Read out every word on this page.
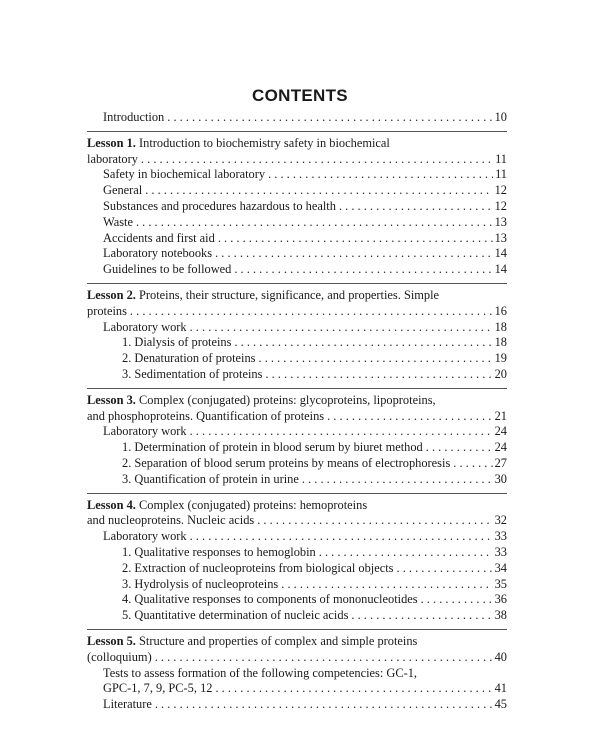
CONTENTS
Introduction . . .	10
Lesson 1. Introduction to biochemistry safety in biochemical
laboratory . . .	11
Safety in biochemical laboratory . . .	11
General . . .	12
Substances and procedures hazardous to health . . .	12
Waste . . .	13
Accidents and first aid . . .	13
Laboratory notebooks . . .	14
Guidelines to be followed . . .	14
Lesson 2. Proteins, their structure, significance, and properties. Simple
proteins . . .	16
Laboratory work . . .	18
1. Dialysis of proteins . . .	18
2. Denaturation of proteins . . .	19
3. Sedimentation of proteins . . .	20
Lesson 3. Complex (conjugated) proteins: glycoproteins, lipoproteins,
and phosphoproteins. Quantification of proteins . . .	21
Laboratory work . . .	24
1. Determination of protein in blood serum by biuret method . . .	24
2. Separation of blood serum proteins by means of electrophoresis . . .	27
3. Quantification of protein in urine . . .	30
Lesson 4. Complex (conjugated) proteins: hemoproteins
and nucleoproteins. Nucleic acids . . .	32
Laboratory work . . .	33
1. Qualitative responses to hemoglobin . . .	33
2. Extraction of nucleoproteins from biological objects . . .	34
3. Hydrolysis of nucleoproteins . . .	35
4. Qualitative responses to components of mononucleotides . . .	36
5. Quantitative determination of nucleic acids . . .	38
Lesson 5. Structure and properties of complex and simple proteins
(colloquium) . . .	40
Tests to assess formation of the following competencies: GC-1,
GPC-1, 7, 9, PC-5, 12 . . .	41
Literature . . .	45
